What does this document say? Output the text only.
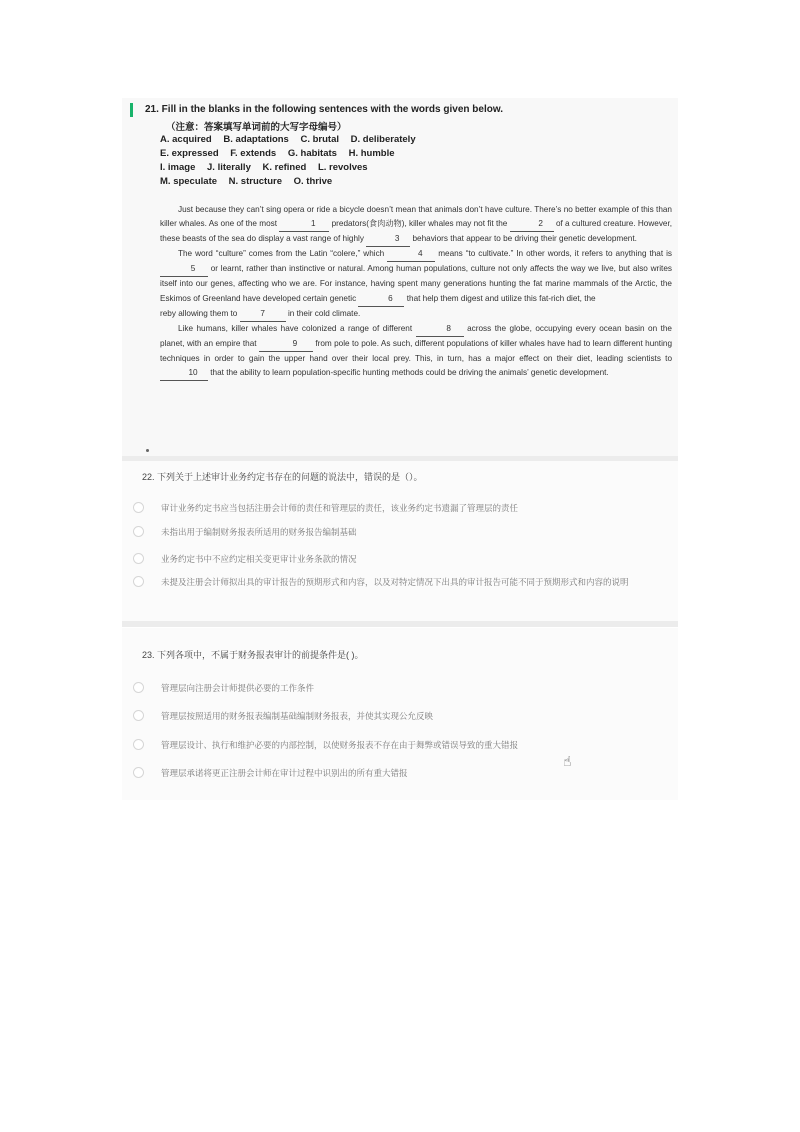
21. Fill in the blanks in the following sentences with the words given below.
（注意：答案填写单词前的大写字母编号）
A. acquired B. adaptations C. brutal D. deliberately
E. expressed F. extends G. habitats H. humble
I. image J. literally K. refined L. revolves
M. speculate N. structure O. thrive

Just because they can’t sing opera or ride a bicycle doesn’t mean that animals don’t have culture. There’s no better example of this than killer whales. As one of the most	1 predators(食肉动物), killer whales may not fit the	2 of a cultured creature. However, these beasts of the sea do display a vast range of highly	3 behaviors that appear to be driving their genetic development.

The word “culture” comes from the Latin “colere,” which	4 means “to cultivate.” In other words, it refers to anything that is 5 or learnt, rather than instinctive or natural. Among human populations, culture not only affects the way we live, but also writes itself into our genes, affecting who we are. For instance, having spent many generations hunting the fat marine mammals of the Arctic, the Eskimos of Greenland have developed certain genetic	6 that help them digest and utilize this fat-rich diet, the

reby allowing them to	7	in their cold climate.

Like humans, killer whales have colonized a range of different	8 across the globe, occupying every ocean basin on the planet, with an empire that	9 from pole to pole. As such, different populations of killer whales have had to learn different hunting techniques in order to gain the upper hand over their local prey. This, in turn, has a major effect on their diet, leading scientists to 10 that the ability to learn population-specific hunting methods could be driving the animals’ genetic development.

22. 下列关于上述审计业务约定书存在的问题的说法中，错误的是（）。
审计业务约定书应当包括注册会计师的责任和管理层的责任，该业务约定书遗漏了管理层的责任
未指出用于编制财务报表所适用的财务报告编制基础
业务约定书中不应约定相关变更审计业务条款的情况
未提及注册会计师拟出具的审计报告的预期形式和内容，以及对特定情况下出具的审计报告可能不同于预期形式和内容的说明
23. 下列各项中，不属于财务报表审计的前提条件是( )。
管理层向注册会计师提供必要的工作条件
管理层按照适用的财务报表编制基础编制财务报表，并使其实现公允反映
管理层设计、执行和维护必要的内部控制，以使财务报表不存在由于舞弊或错误导致的重大错报
管理层承诺将更正注册会计师在审计过程中识别出的所有重大错报
☝
